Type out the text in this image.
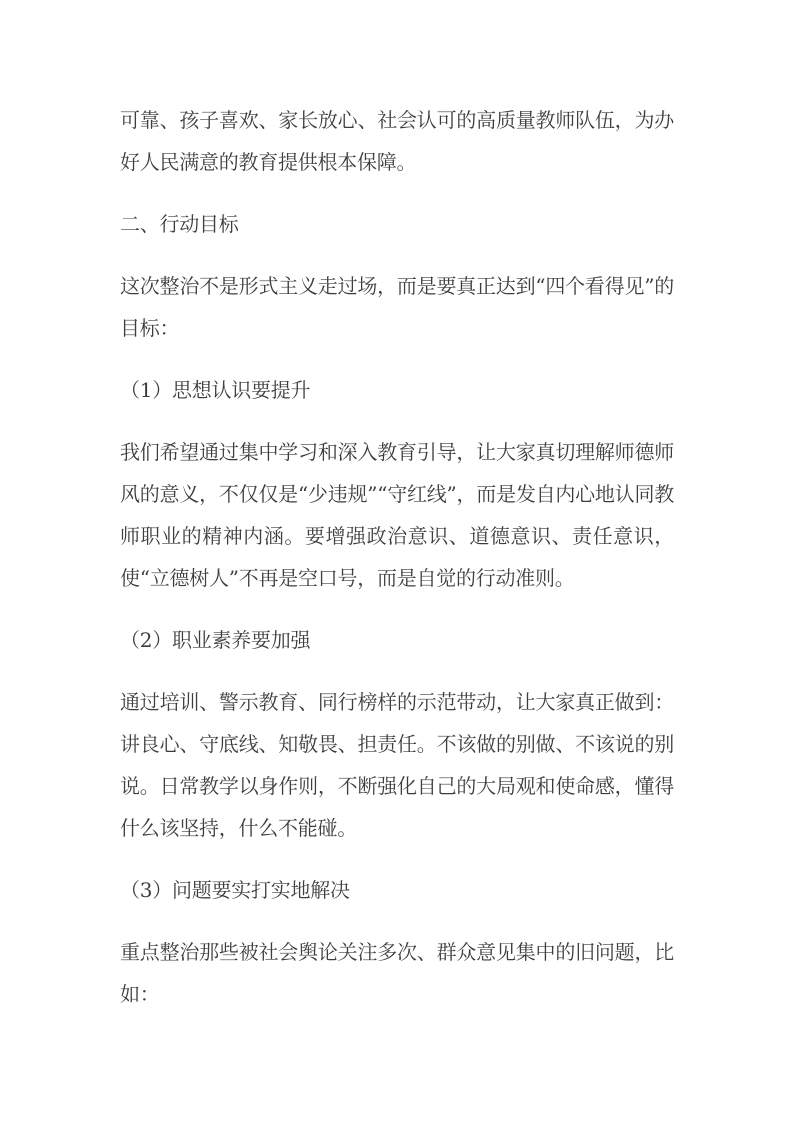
可靠、孩子喜欢、家长放心、社会认可的高质量教师队伍，为办好人民满意的教育提供根本保障。

二、行动目标

这次整治不是形式主义走过场，而是要真正达到“四个看得见”的目标：

（1）思想认识要提升

我们希望通过集中学习和深入教育引导，让大家真切理解师德师风的意义，不仅仅是“少违规”“守红线”，而是发自内心地认同教师职业的精神内涵。要增强政治意识、道德意识、责任意识，使“立德树人”不再是空口号，而是自觉的行动准则。

（2）职业素养要加强

通过培训、警示教育、同行榜样的示范带动，让大家真正做到：讲良心、守底线、知敬畏、担责任。不该做的别做、不该说的别说。日常教学以身作则，不断强化自己的大局观和使命感，懂得什么该坚持，什么不能碰。

（3）问题要实打实地解决

重点整治那些被社会舆论关注多次、群众意见集中的旧问题，比如：
